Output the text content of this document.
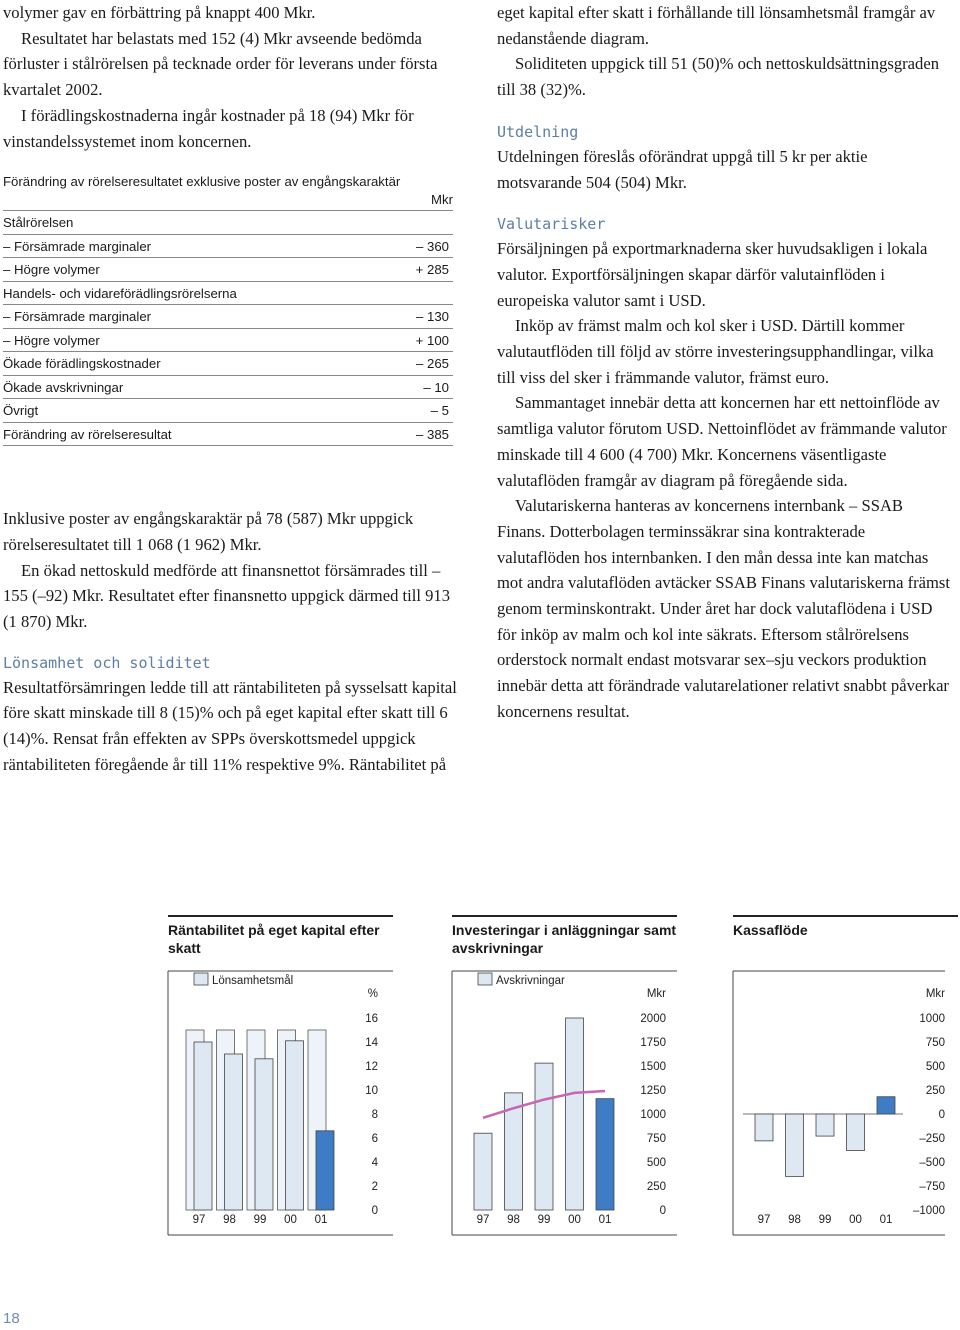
volymer gav en förbättring på knappt 400 Mkr.

Resultatet har belastats med 152 (4) Mkr avseende bedömda förluster i stålrörelsen på tecknade order för leverans under första kvartalet 2002.

I förädlingskostnaderna ingår kostnader på 18 (94) Mkr för vinstandelssystemet inom koncernen.

Förändring av rörelseresultatet exklusive poster av engångskaraktär
Mkr
Stålrörelsen
– Försämrade marginaler	– 360
– Högre volymer	+ 285
Handels- och vidareförädlingsrörelserna
– Försämrade marginaler	– 130
– Högre volymer	+ 100
Ökade förädlingskostnader	– 265
Ökade avskrivningar	– 10
Övrigt	– 5
Förändring av rörelseresultat	– 385

Inklusive poster av engångskaraktär på 78 (587) Mkr uppgick rörelseresultatet till 1 068 (1 962) Mkr.

En ökad nettoskuld medförde att finansnettot försämrades till –155 (–92) Mkr. Resultatet efter finansnetto uppgick därmed till 913 (1 870) Mkr.

Lönsamhet och soliditet

Resultatförsämringen ledde till att räntabiliteten på sysselsatt kapital före skatt minskade till 8 (15)% och på eget kapital efter skatt till 6 (14)%. Rensat från effekten av SPPs överskottsmedel uppgick räntabiliteten föregående år till 11% respektive 9%. Räntabilitet på

eget kapital efter skatt i förhållande till lönsamhetsmål framgår av nedanstående diagram.

Soliditeten uppgick till 51 (50)% och nettoskuldsättningsgraden till 38 (32)%.

Utdelning

Utdelningen föreslås oförändrat uppgå till 5 kr per aktie motsvarande 504 (504) Mkr.

Valutarisker

Försäljningen på exportmarknaderna sker huvudsakligen i lokala valutor. Exportförsäljningen skapar därför valutainflöden i europeiska valutor samt i USD.

Inköp av främst malm och kol sker i USD. Därtill kommer valutautflöden till följd av större investeringsupphandlingar, vilka till viss del sker i främmande valutor, främst euro.

Sammantaget innebär detta att koncernen har ett nettoinflöde av samtliga valutor förutom USD. Nettoinflödet av främmande valutor minskade till 4 600 (4 700) Mkr. Koncernens väsentligaste valutaflöden framgår av diagram på föregående sida.

Valutariskerna hanteras av koncernens internbank – SSAB Finans. Dotterbolagen terminssäkrar sina kontrakterade valutaflöden hos internbanken. I den mån dessa inte kan matchas mot andra valutaflöden avtäcker SSAB Finans valutariskerna främst genom terminskontrakt. Under året har dock valutaflödena i USD för inköp av malm och kol inte säkrats. Eftersom stålrörelsens orderstock normalt endast motsvarar sex–sju veckors produktion innebär detta att förändrade valutarelationer relativt snabbt påverkar koncernens resultat.

Räntabilitet på eget kapital efter skatt
%
0
2
4
6
8
10
12
14
16
Lönsamhetsmål
97 98 99 00 01
Investeringar i anläggningar samt avskrivningar
Mkr
0
250
500
750
1000
1250
1500
1750
2000
Avskrivningar
97 98 99 00 01
Kassaflöde
Mkr
–1000
–750
–500
–250
0
250
500
750
1000
97 98 99 00 01
18
